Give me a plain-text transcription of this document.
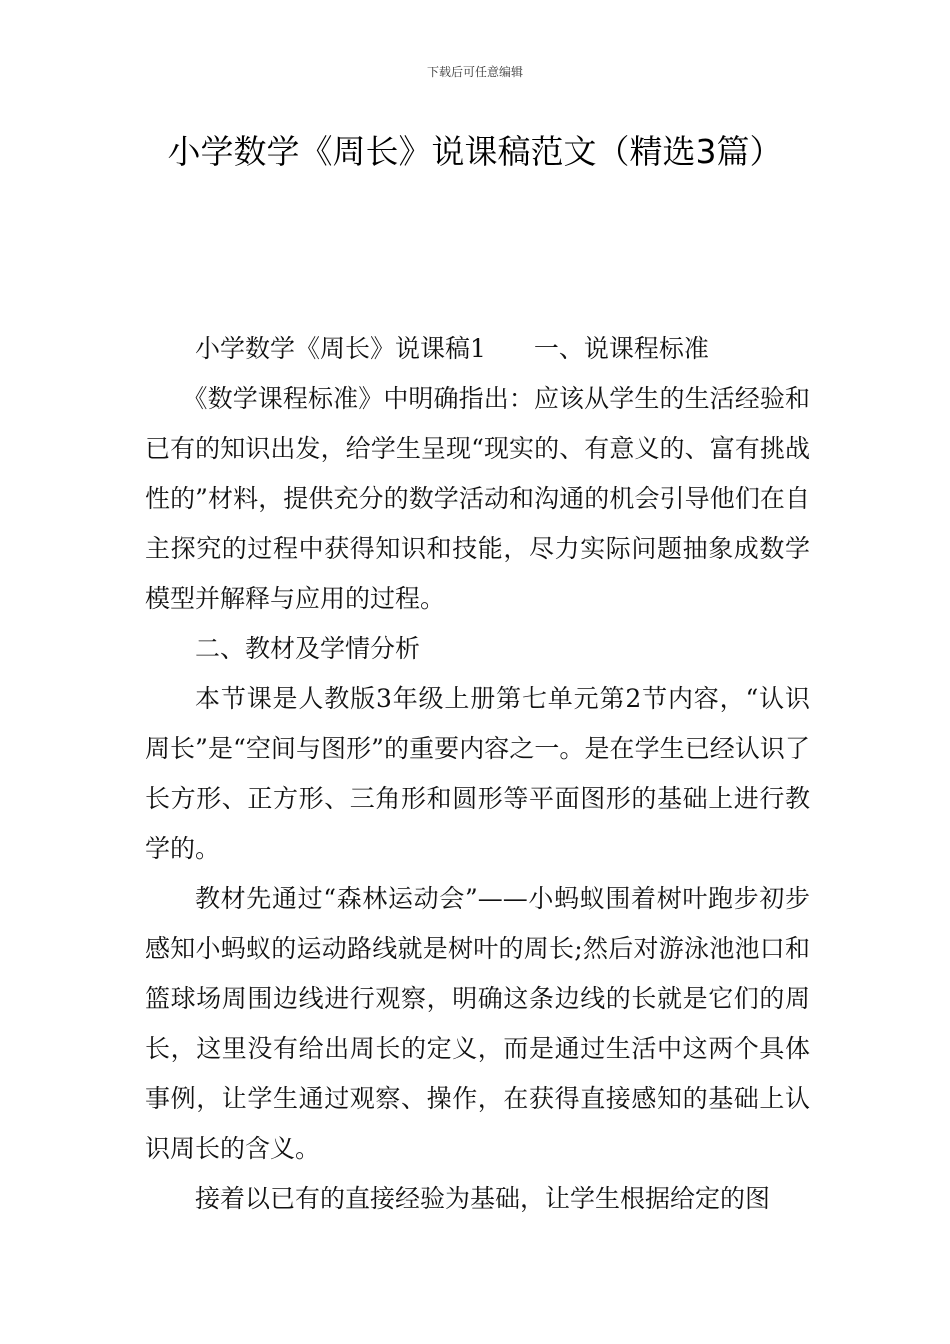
下载后可任意编辑
小学数学《周长》说课稿范文（精选3篇）

小学数学《周长》说课稿1 一、说课程标准

《数学课程标准》中明确指出：应该从学生的生活经验和已有的知识出发，给学生呈现“现实的、有意义的、富有挑战性的”材料，提供充分的数学活动和沟通的机会引导他们在自主探究的过程中获得知识和技能，尽力实际问题抽象成数学模型并解释与应用的过程。

二、教材及学情分析

本节课是人教版3年级上册第七单元第2节内容，“认识周长”是“空间与图形”的重要内容之一。是在学生已经认识了长方形、正方形、三角形和圆形等平面图形的基础上进行教学的。

教材先通过“森林运动会”——小蚂蚁围着树叶跑步初步感知小蚂蚁的运动路线就是树叶的周长;然后对游泳池池口和篮球场周围边线进行观察，明确这条边线的长就是它们的周长，这里没有给出周长的定义，而是通过生活中这两个具体事例，让学生通过观察、操作，在获得直接感知的基础上认识周长的含义。

接着以已有的直接经验为基础，让学生根据给定的图
